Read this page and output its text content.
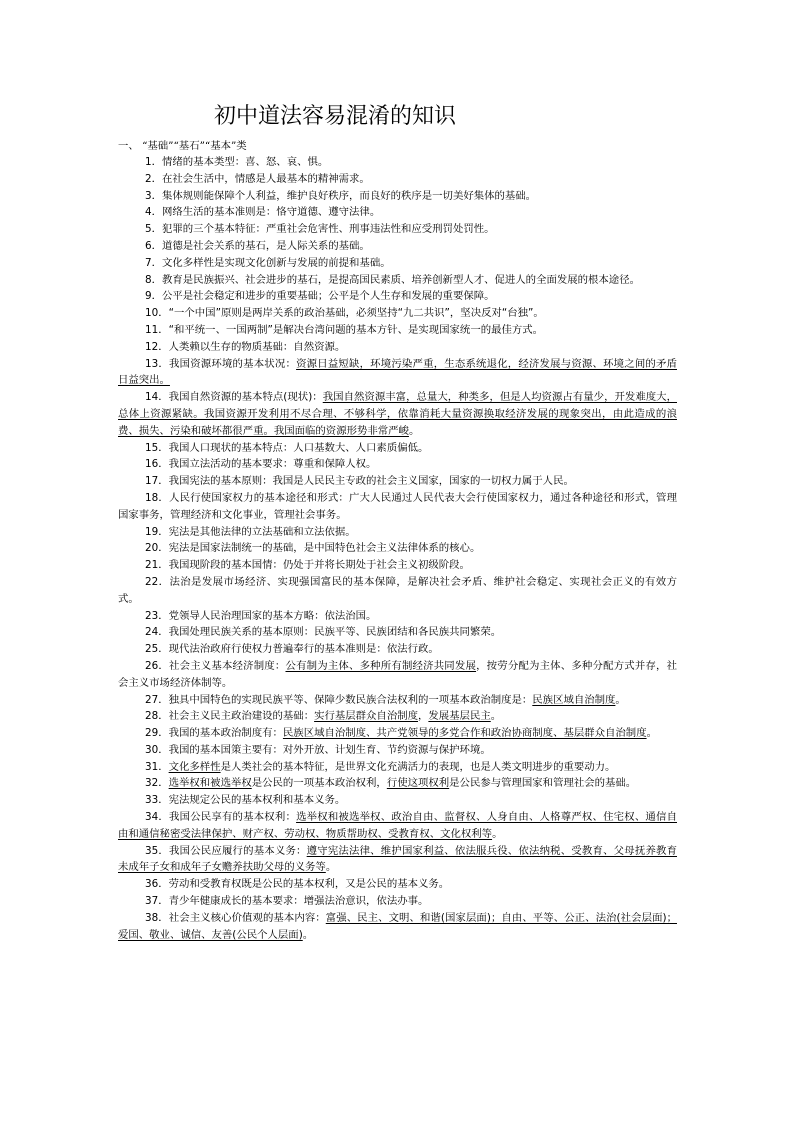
初中道法容易混淆的知识
一、 “基础”“基石”“基本”类
1．情绪的基本类型：喜、怒、哀、惧。
2．在社会生活中，情感是人最基本的精神需求。
3．集体规则能保障个人利益，维护良好秩序，而良好的秩序是一切美好集体的基础。
4．网络生活的基本准则是：恪守道德、遵守法律。
5．犯罪的三个基本特征：严重社会危害性、刑事违法性和应受刑罚处罚性。
6．道德是社会关系的基石，是人际关系的基础。
7．文化多样性是实现文化创新与发展的前提和基础。
8．教育是民族振兴、社会进步的基石，是提高国民素质、培养创新型人才、促进人的全面发展的根本途径。
9．公平是社会稳定和进步的重要基础；公平是个人生存和发展的重要保障。
10．“一个中国”原则是两岸关系的政治基础，必须坚持“九二共识”，坚决反对“台独”。
11．“和平统一、一国两制”是解决台湾问题的基本方针、是实现国家统一的最佳方式。
12．人类赖以生存的物质基础：自然资源。
13．我国资源环境的基本状况：资源日益短缺，环境污染严重，生态系统退化，经济发展与资源、环境之间的矛盾日益突出。
14．我国自然资源的基本特点(现状)：我国自然资源丰富，总量大，种类多，但是人均资源占有量少，开发难度大，总体上资源紧缺。我国资源开发利用不尽合理、不够科学，依靠消耗大量资源换取经济发展的现象突出，由此造成的浪费、损失、污染和破坏都很严重。我国面临的资源形势非常严峻。
15．我国人口现状的基本特点：人口基数大、人口素质偏低。
16．我国立法活动的基本要求：尊重和保障人权。
17．我国宪法的基本原则：我国是人民民主专政的社会主义国家，国家的一切权力属于人民。
18．人民行使国家权力的基本途径和形式：广大人民通过人民代表大会行使国家权力，通过各种途径和形式，管理国家事务，管理经济和文化事业，管理社会事务。
19．宪法是其他法律的立法基础和立法依据。
20．宪法是国家法制统一的基础，是中国特色社会主义法律体系的核心。
21．我国现阶段的基本国情：仍处于并将长期处于社会主义初级阶段。
22．法治是发展市场经济、实现强国富民的基本保障，是解决社会矛盾、维护社会稳定、实现社会正义的有效方式。
23．党领导人民治理国家的基本方略：依法治国。
24．我国处理民族关系的基本原则：民族平等、民族团结和各民族共同繁荣。
25．现代法治政府行使权力普遍奉行的基本准则是：依法行政。
26．社会主义基本经济制度：公有制为主体、多种所有制经济共同发展，按劳分配为主体、多种分配方式并存，社会主义市场经济体制等。
27．独具中国特色的实现民族平等、保障少数民族合法权利的一项基本政治制度是：民族区域自治制度。
28．社会主义民主政治建设的基础：实行基层群众自治制度，发展基层民主。
29．我国的基本政治制度有：民族区域自治制度、共产党领导的多党合作和政治协商制度、基层群众自治制度。
30．我国的基本国策主要有：对外开放、计划生育、节约资源与保护环境。
31．文化多样性是人类社会的基本特征，是世界文化充满活力的表现，也是人类文明进步的重要动力。
32．选举权和被选举权是公民的一项基本政治权利，行使这项权利是公民参与管理国家和管理社会的基础。
33．宪法规定公民的基本权利和基本义务。
34．我国公民享有的基本权利：选举权和被选举权、政治自由、监督权、人身自由、人格尊严权、住宅权、通信自由和通信秘密受法律保护、财产权、劳动权、物质帮助权、受教育权、文化权利等。
35．我国公民应履行的基本义务：遵守宪法法律、维护国家利益、依法服兵役、依法纳税、受教育、父母抚养教育未成年子女和成年子女赡养扶助父母的义务等。
36．劳动和受教育权既是公民的基本权利，又是公民的基本义务。
37．青少年健康成长的基本要求：增强法治意识，依法办事。
38．社会主义核心价值观的基本内容：富强、民主、文明、和谐(国家层面)；自由、平等、公正、法治(社会层面)；爱国、敬业、诚信、友善(公民个人层面)。
